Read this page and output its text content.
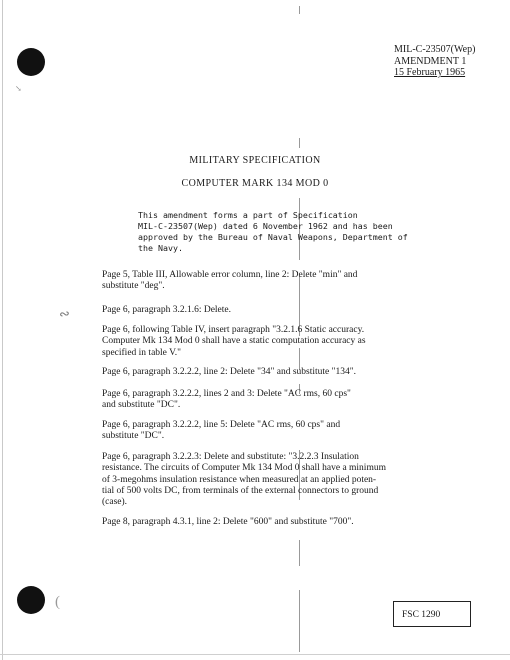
↘
∾
(
MIL-C-23507(Wep)
AMENDMENT 1
15 February 1965
MILITARY SPECIFICATION
COMPUTER MARK 134 MOD 0
This amendment forms a part of Specification
MIL-C-23507(Wep) dated 6 November 1962 and has been
approved by the Bureau of Naval Weapons, Department of
the Navy.
Page 5, Table III, Allowable error column, line 2: Delete "min" and
substitute "deg".
Page 6, paragraph 3.2.1.6: Delete.
Page 6, following Table IV, insert paragraph "3.2.1.6 Static accuracy.
Computer Mk 134 Mod 0 shall have a static computation accuracy as
specified in table V."
Page 6, paragraph 3.2.2.2, line 2: Delete "34" and substitute "134".
Page 6, paragraph 3.2.2.2, lines 2 and 3: Delete "AC rms, 60 cps"
and substitute "DC".
Page 6, paragraph 3.2.2.2, line 5: Delete "AC rms, 60 cps" and
substitute "DC".
Page 6, paragraph 3.2.2.3: Delete and substitute: "3.2.2.3 Insulation
resistance. The circuits of Computer Mk 134 Mod 0 shall have a minimum
of 3-megohms insulation resistance when measured at an applied poten-
tial of 500 volts DC, from terminals of the external connectors to ground
(case).
Page 8, paragraph 4.3.1, line 2: Delete "600" and substitute "700".
FSC 1290
